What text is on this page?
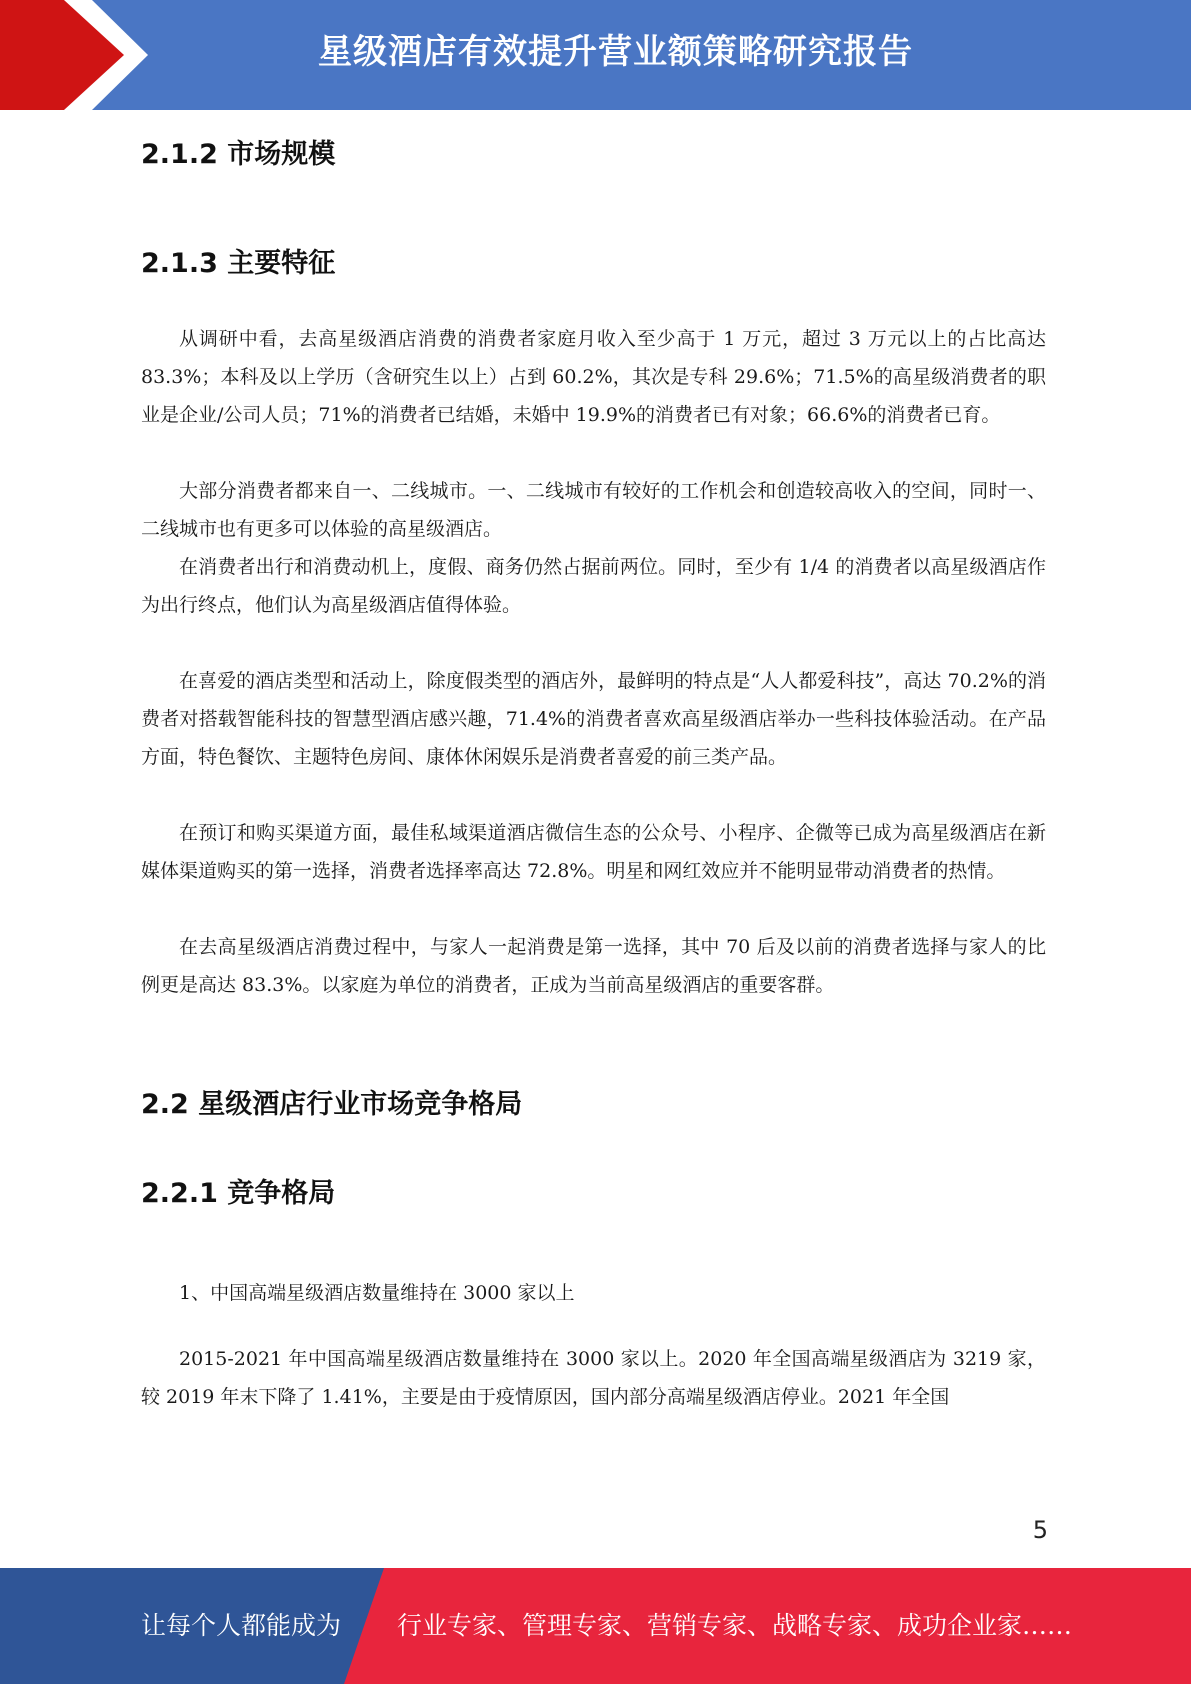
星级酒店有效提升营业额策略研究报告
2.1.2 市场规模
2.1.3 主要特征

从调研中看，去高星级酒店消费的消费者家庭月收入至少高于 1 万元，超过 3 万元以上的占比高达 83.3%；本科及以上学历（含研究生以上）占到 60.2%，其次是专科 29.6%；71.5%的高星级消费者的职业是企业/公司人员；71%的消费者已结婚，未婚中 19.9%的消费者已有对象；66.6%的消费者已育。

大部分消费者都来自一、二线城市。一、二线城市有较好的工作机会和创造较高收入的空间，同时一、二线城市也有更多可以体验的高星级酒店。

在消费者出行和消费动机上，度假、商务仍然占据前两位。同时，至少有 1/4 的消费者以高星级酒店作为出行终点，他们认为高星级酒店值得体验。

在喜爱的酒店类型和活动上，除度假类型的酒店外，最鲜明的特点是“人人都爱科技”，高达 70.2%的消费者对搭载智能科技的智慧型酒店感兴趣，71.4%的消费者喜欢高星级酒店举办一些科技体验活动。在产品方面，特色餐饮、主题特色房间、康体休闲娱乐是消费者喜爱的前三类产品。

在预订和购买渠道方面，最佳私域渠道酒店微信生态的公众号、小程序、企微等已成为高星级酒店在新媒体渠道购买的第一选择，消费者选择率高达 72.8%。明星和网红效应并不能明显带动消费者的热情。

在去高星级酒店消费过程中，与家人一起消费是第一选择，其中 70 后及以前的消费者选择与家人的比例更是高达 83.3%。以家庭为单位的消费者，正成为当前高星级酒店的重要客群。

2.2 星级酒店行业市场竞争格局
2.2.1 竞争格局

1、中国高端星级酒店数量维持在 3000 家以上

2015-2021 年中国高端星级酒店数量维持在 3000 家以上。2020 年全国高端星级酒店为 3219 家，较 2019 年末下降了 1.41%，主要是由于疫情原因，国内部分高端星级酒店停业。2021 年全国

5
让每个人都能成为 行业专家、管理专家、营销专家、战略专家、成功企业家……
